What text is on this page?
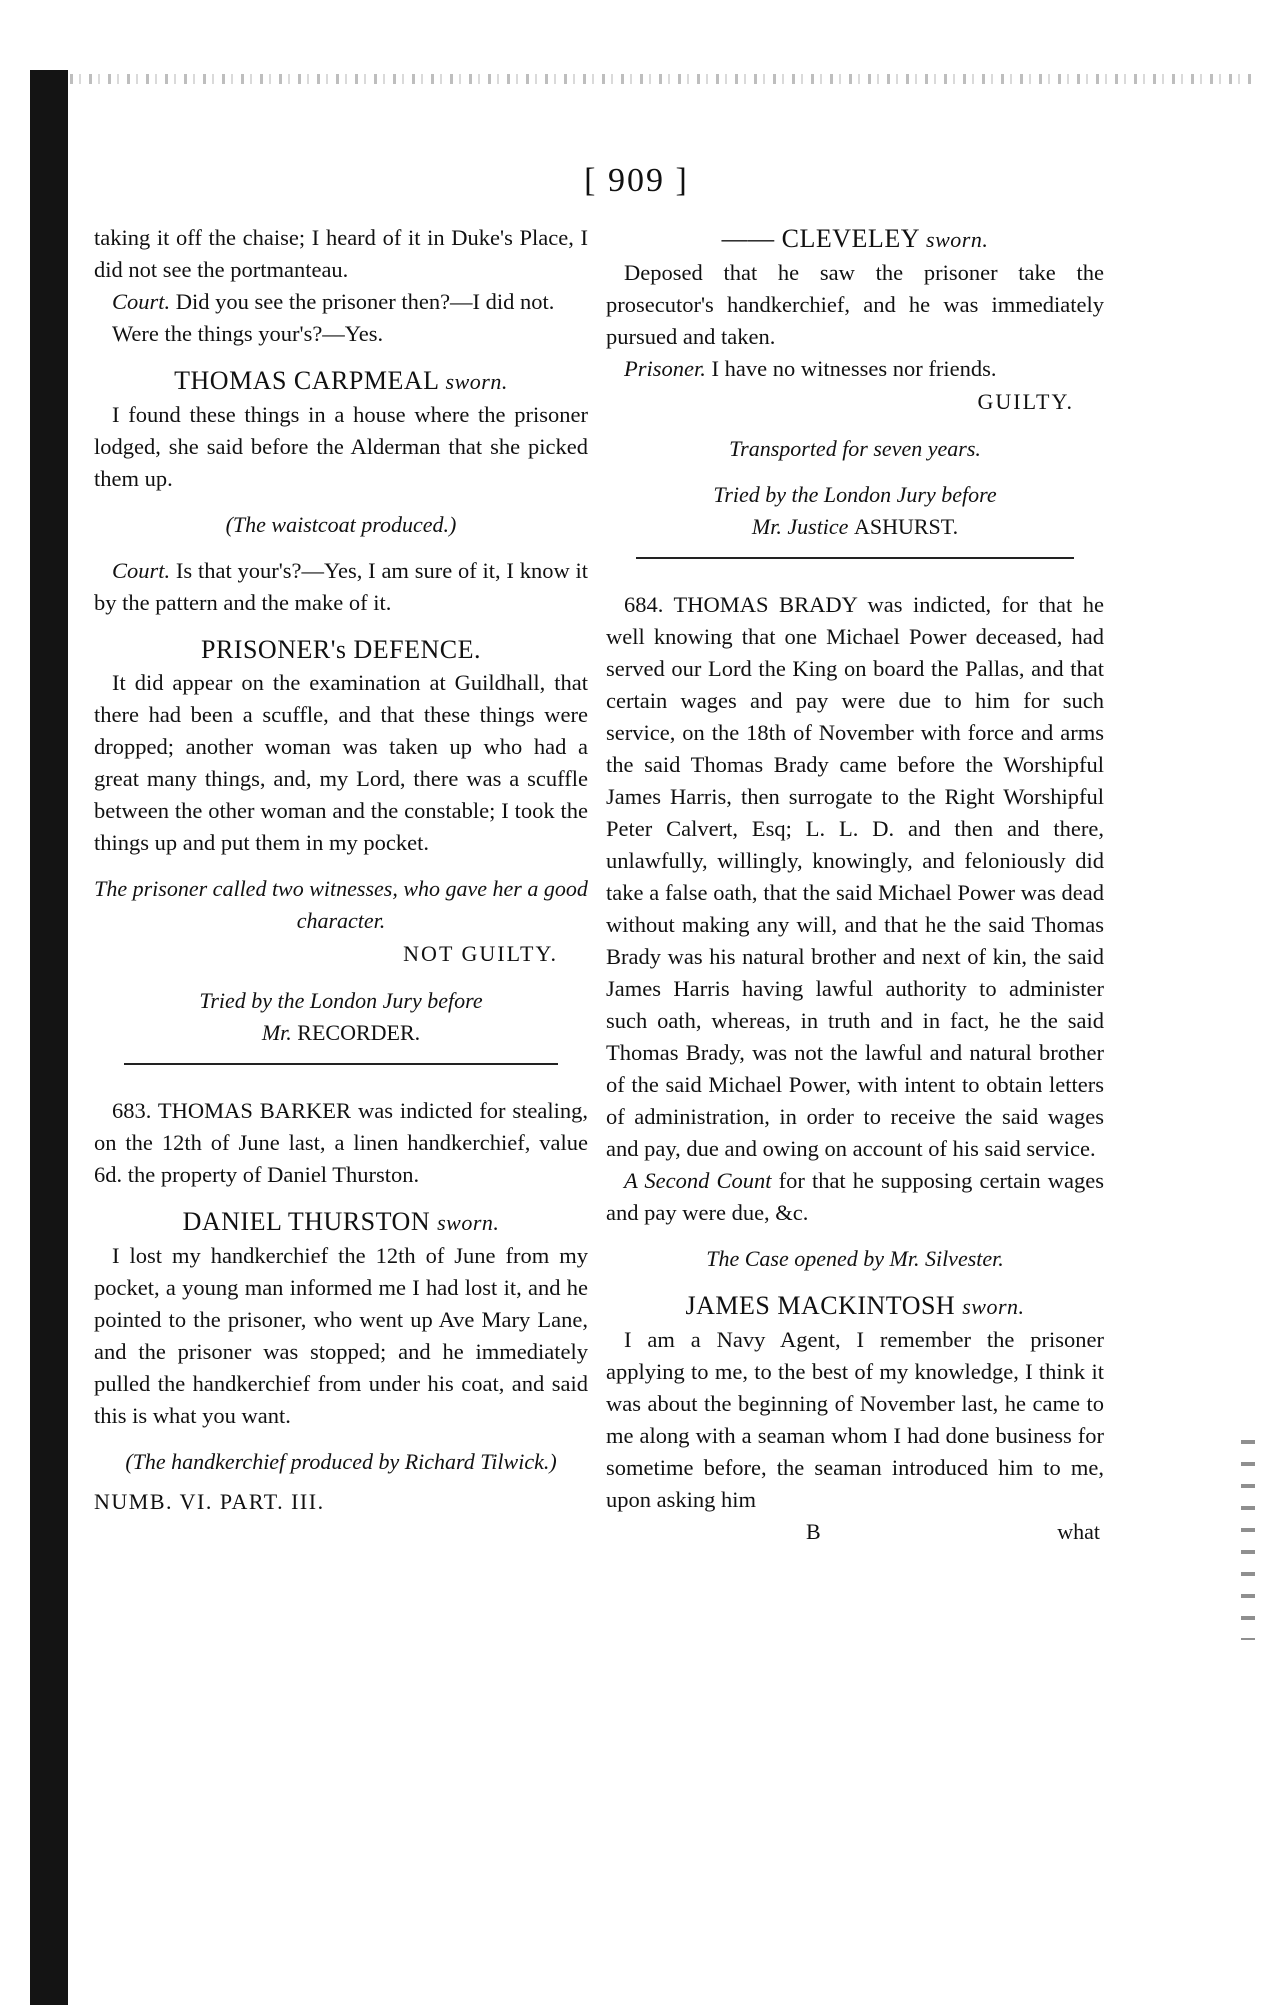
[ 909 ]

taking it off the chaise; I heard of it in Duke's Place, I did not see the portmanteau.

Court. Did you see the prisoner then?—I did not.

Were the things your's?—Yes.

THOMAS CARPMEAL sworn.

I found these things in a house where the prisoner lodged, she said before the Alderman that she picked them up.

(The waistcoat produced.)

Court. Is that your's?—Yes, I am sure of it, I know it by the pattern and the make of it.

PRISONER's DEFENCE.

It did appear on the examination at Guildhall, that there had been a scuffle, and that these things were dropped; another woman was taken up who had a great many things, and, my Lord, there was a scuffle between the other woman and the constable; I took the things up and put them in my pocket.

The prisoner called two witnesses, who gave her a good character.

NOT GUILTY.

Tried by the London Jury before

Mr. RECORDER.

683. THOMAS BARKER was indicted for stealing, on the 12th of June last, a linen handkerchief, value 6d. the property of Daniel Thurston.

DANIEL THURSTON sworn.

I lost my handkerchief the 12th of June from my pocket, a young man informed me I had lost it, and he pointed to the prisoner, who went up Ave Mary Lane, and the prisoner was stopped; and he immediately pulled the handkerchief from under his coat, and said this is what you want.

(The handkerchief produced by Richard Tilwick.)

NUMB. VI. PART. III.

—— CLEVELEY sworn.

Deposed that he saw the prisoner take the prosecutor's handkerchief, and he was immediately pursued and taken.

Prisoner. I have no witnesses nor friends.

GUILTY.

Transported for seven years.

Tried by the London Jury before

Mr. Justice ASHURST.

684. THOMAS BRADY was indicted, for that he well knowing that one Michael Power deceased, had served our Lord the King on board the Pallas, and that certain wages and pay were due to him for such service, on the 18th of November with force and arms the said Thomas Brady came before the Worshipful James Harris, then surrogate to the Right Worshipful Peter Calvert, Esq; L. L. D. and then and there, unlawfully, willingly, knowingly, and feloniously did take a false oath, that the said Michael Power was dead without making any will, and that he the said Thomas Brady was his natural brother and next of kin, the said James Harris having lawful authority to administer such oath, whereas, in truth and in fact, he the said Thomas Brady, was not the lawful and natural brother of the said Michael Power, with intent to obtain letters of administration, in order to receive the said wages and pay, due and owing on account of his said service.

A Second Count for that he supposing certain wages and pay were due, &c.

The Case opened by Mr. Silvester.

JAMES MACKINTOSH sworn.

I am a Navy Agent, I remember the prisoner applying to me, to the best of my knowledge, I think it was about the beginning of November last, he came to me along with a seaman whom I had done business for sometime before, the seaman introduced him to me, upon asking him

B	what
